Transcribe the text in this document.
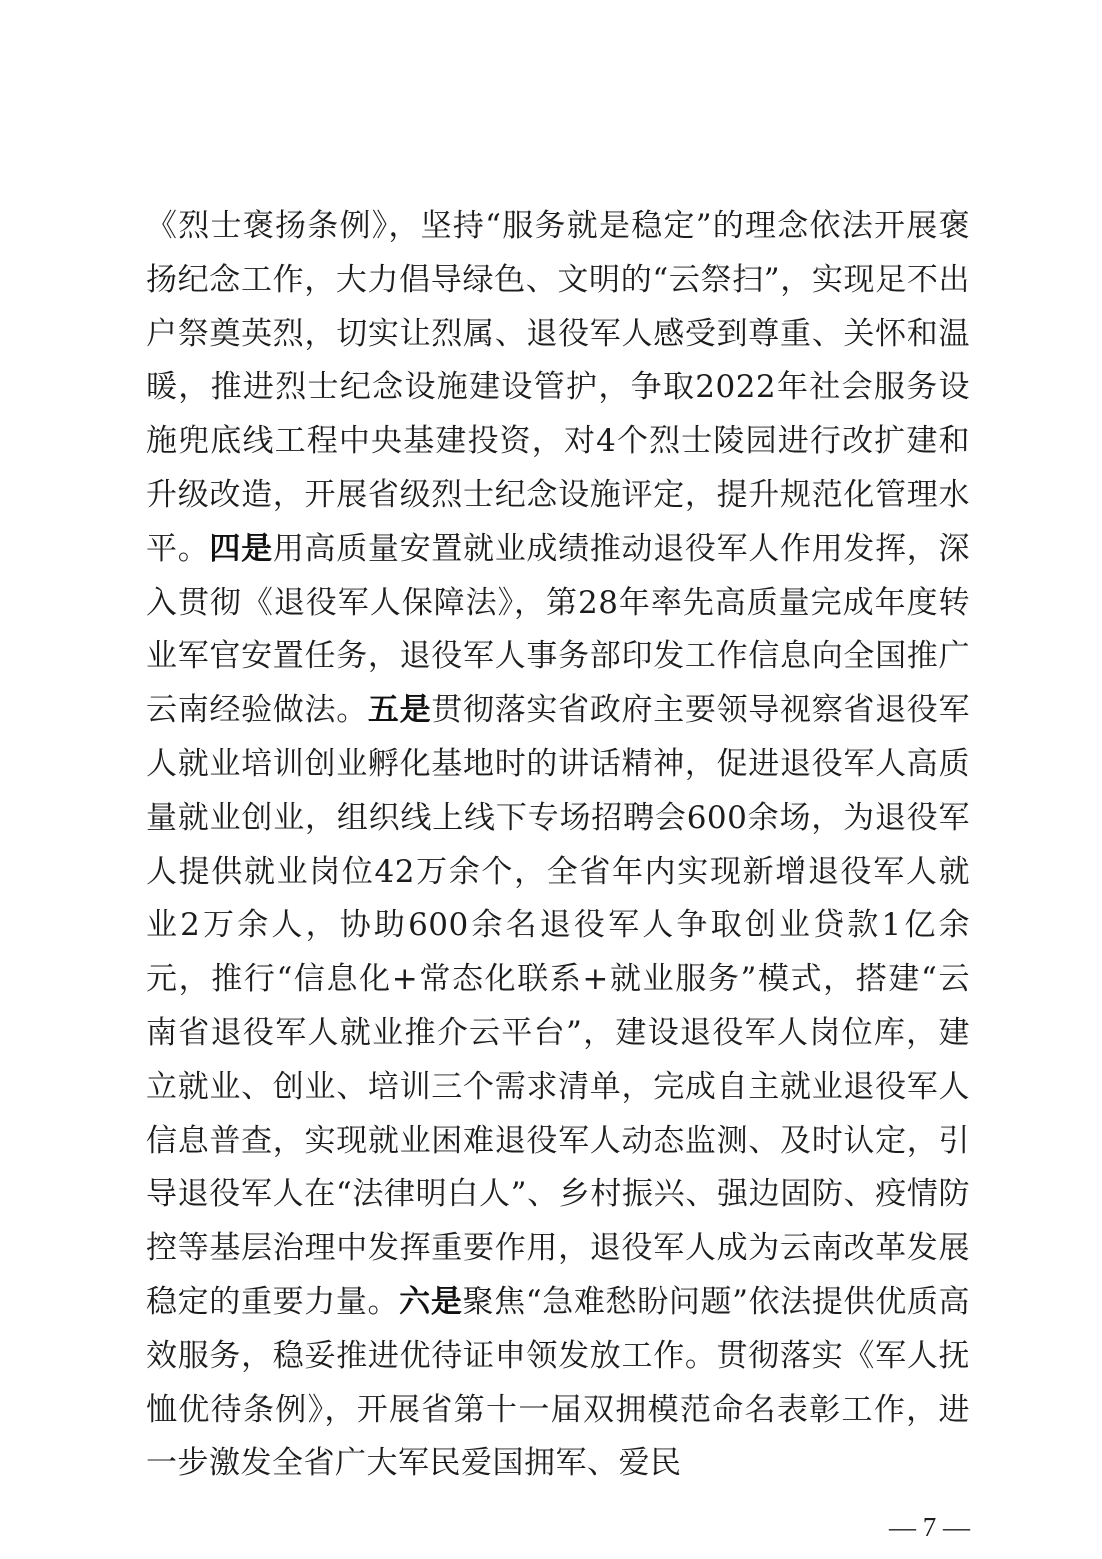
《烈士褒扬条例》，坚持“服务就是稳定”的理念依法开展褒扬纪念工作，大力倡导绿色、文明的“云祭扫”，实现足不出户祭奠英烈，切实让烈属、退役军人感受到尊重、关怀和温暖，推进烈士纪念设施建设管护，争取2022年社会服务设施兜底线工程中央基建投资，对4个烈士陵园进行改扩建和升级改造，开展省级烈士纪念设施评定，提升规范化管理水平。四是用高质量安置就业成绩推动退役军人作用发挥，深入贯彻《退役军人保障法》，第28年率先高质量完成年度转业军官安置任务，退役军人事务部印发工作信息向全国推广云南经验做法。五是贯彻落实省政府主要领导视察省退役军人就业培训创业孵化基地时的讲话精神，促进退役军人高质量就业创业，组织线上线下专场招聘会600余场，为退役军人提供就业岗位42万余个，全省年内实现新增退役军人就业2万余人，协助600余名退役军人争取创业贷款1亿余元，推行“信息化+常态化联系+就业服务”模式，搭建“云南省退役军人就业推介云平台”，建设退役军人岗位库，建立就业、创业、培训三个需求清单，完成自主就业退役军人信息普查，实现就业困难退役军人动态监测、及时认定，引导退役军人在“法律明白人”、乡村振兴、强边固防、疫情防控等基层治理中发挥重要作用，退役军人成为云南改革发展稳定的重要力量。六是聚焦“急难愁盼问题”依法提供优质高效服务，稳妥推进优待证申领发放工作。贯彻落实《军人抚恤优待条例》，开展省第十一届双拥模范命名表彰工作，进一步激发全省广大军民爱国拥军、爱民

— 7 —
